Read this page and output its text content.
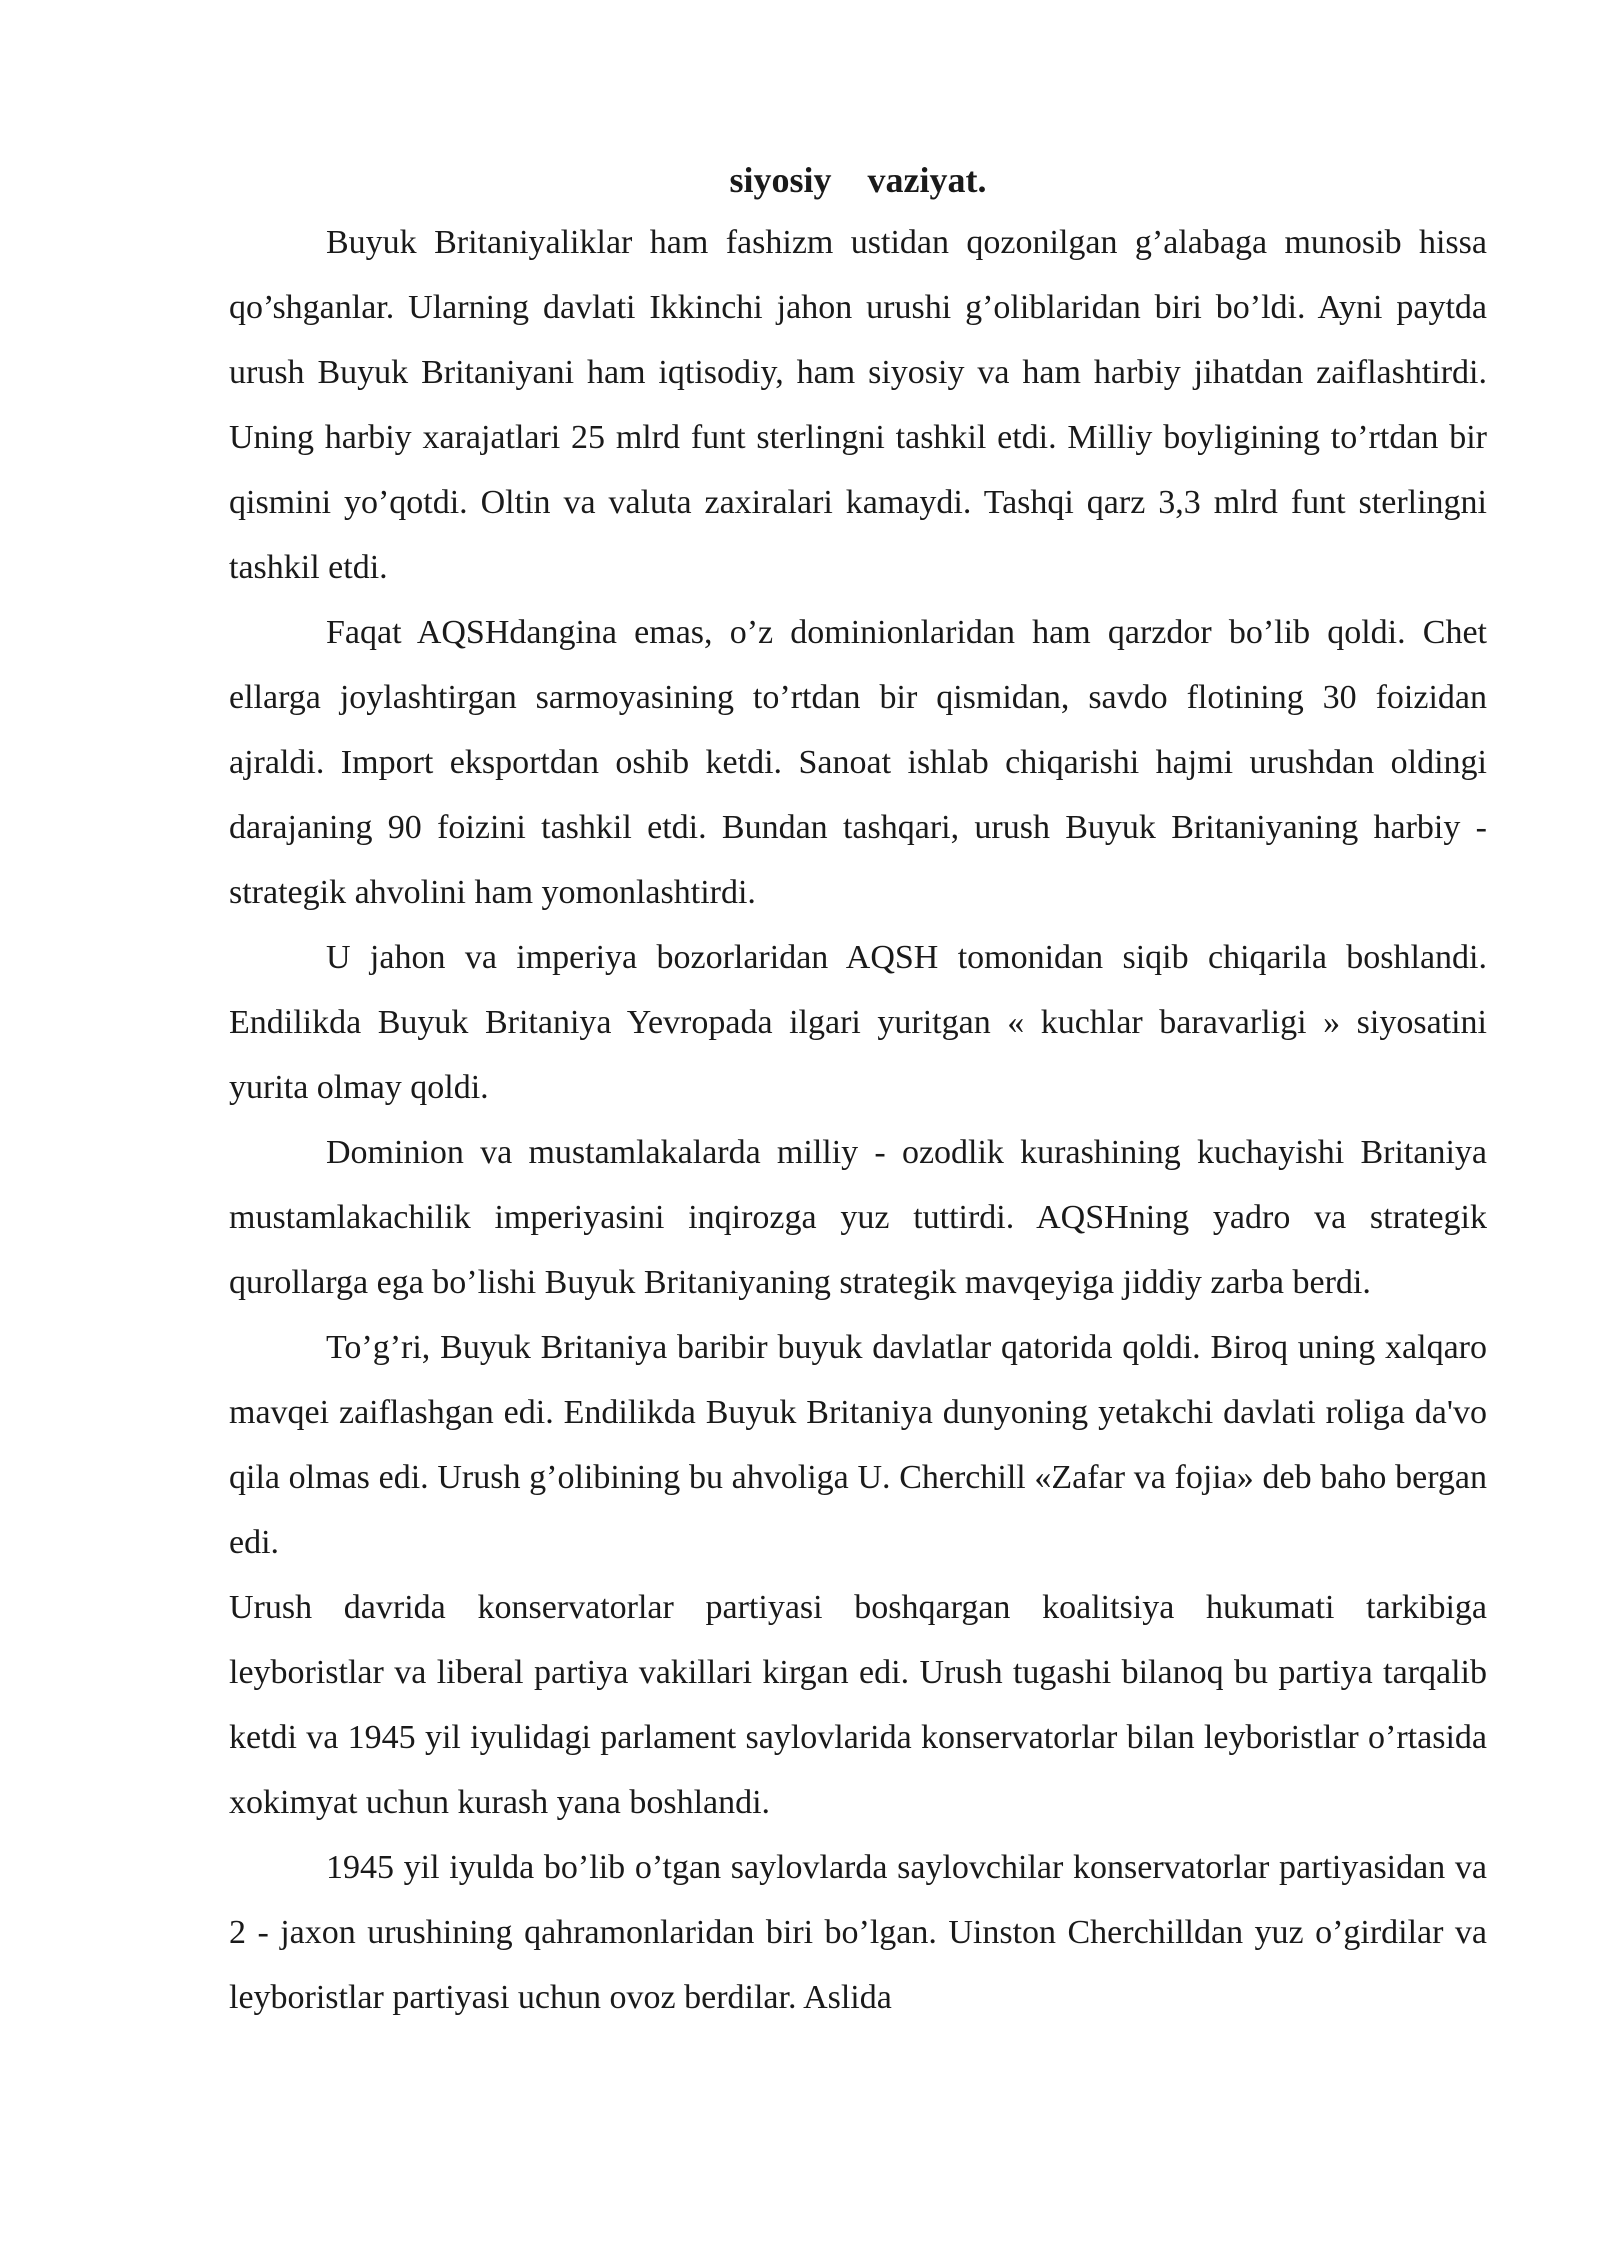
siyosiy    vaziyat.

Buyuk Britaniyaliklar ham fashizm ustidan qozonilgan g’alabaga munosib hissa qo’shganlar. Ularning davlati Ikkinchi jahon urushi g’oliblaridan biri bo’ldi. Ayni paytda urush Buyuk Britaniyani ham iqtisodiy, ham siyosiy va ham harbiy jihatdan zaiflashtirdi. Uning harbiy xarajatlari 25 mlrd funt sterlingni tashkil etdi. Milliy boyligining to’rtdan bir qismini yo’qotdi. Oltin va valuta zaxiralari kamaydi. Tashqi qarz 3,3 mlrd funt sterlingni tashkil etdi.

Faqat AQSHdangina emas, o’z dominionlaridan ham qarzdor bo’lib qoldi. Chet ellarga joylashtirgan sarmoyasining to’rtdan bir qismidan, savdo flotining 30 foizidan ajraldi. Import eksportdan oshib ketdi. Sanoat ishlab chiqarishi hajmi urushdan oldingi darajaning 90 foizini tashkil etdi. Bundan tashqari, urush Buyuk Britaniyaning harbiy - strategik ahvolini ham yomonlashtirdi.

U jahon va imperiya bozorlaridan AQSH tomonidan siqib chiqarila boshlandi. Endilikda Buyuk Britaniya Yevropada ilgari yuritgan « kuchlar baravarligi » siyosatini yurita olmay qoldi.

Dominion va mustamlakalarda milliy - ozodlik kurashining kuchayishi Britaniya mustamlakachilik imperiyasini inqirozga yuz tuttirdi. AQSHning yadro va strategik qurollarga ega bo’lishi Buyuk Britaniyaning strategik mavqeyiga jiddiy zarba berdi.

To’g’ri, Buyuk Britaniya baribir buyuk davlatlar qatorida qoldi. Biroq uning xalqaro mavqei zaiflashgan edi. Endilikda Buyuk Britaniya dunyoning yetakchi davlati roliga da'vo qila olmas edi. Urush g’olibining bu ahvoliga U. Cherchill «Zafar va fojia» deb baho bergan edi.

Urush davrida konservatorlar partiyasi boshqargan koalitsiya hukumati tarkibiga leyboristlar va liberal partiya vakillari kirgan edi. Urush tugashi bilanoq bu partiya tarqalib ketdi va 1945 yil iyulidagi parlament saylovlarida konservatorlar bilan leyboristlar o’rtasida xokimyat uchun kurash yana boshlandi.

1945 yil iyulda bo’lib o’tgan saylovlarda saylovchilar konservatorlar partiyasidan va 2 - jaxon urushining qahramonlaridan biri bo’lgan. Uinston Cherchilldan yuz o’girdilar va leyboristlar partiyasi uchun ovoz berdilar. Aslida
